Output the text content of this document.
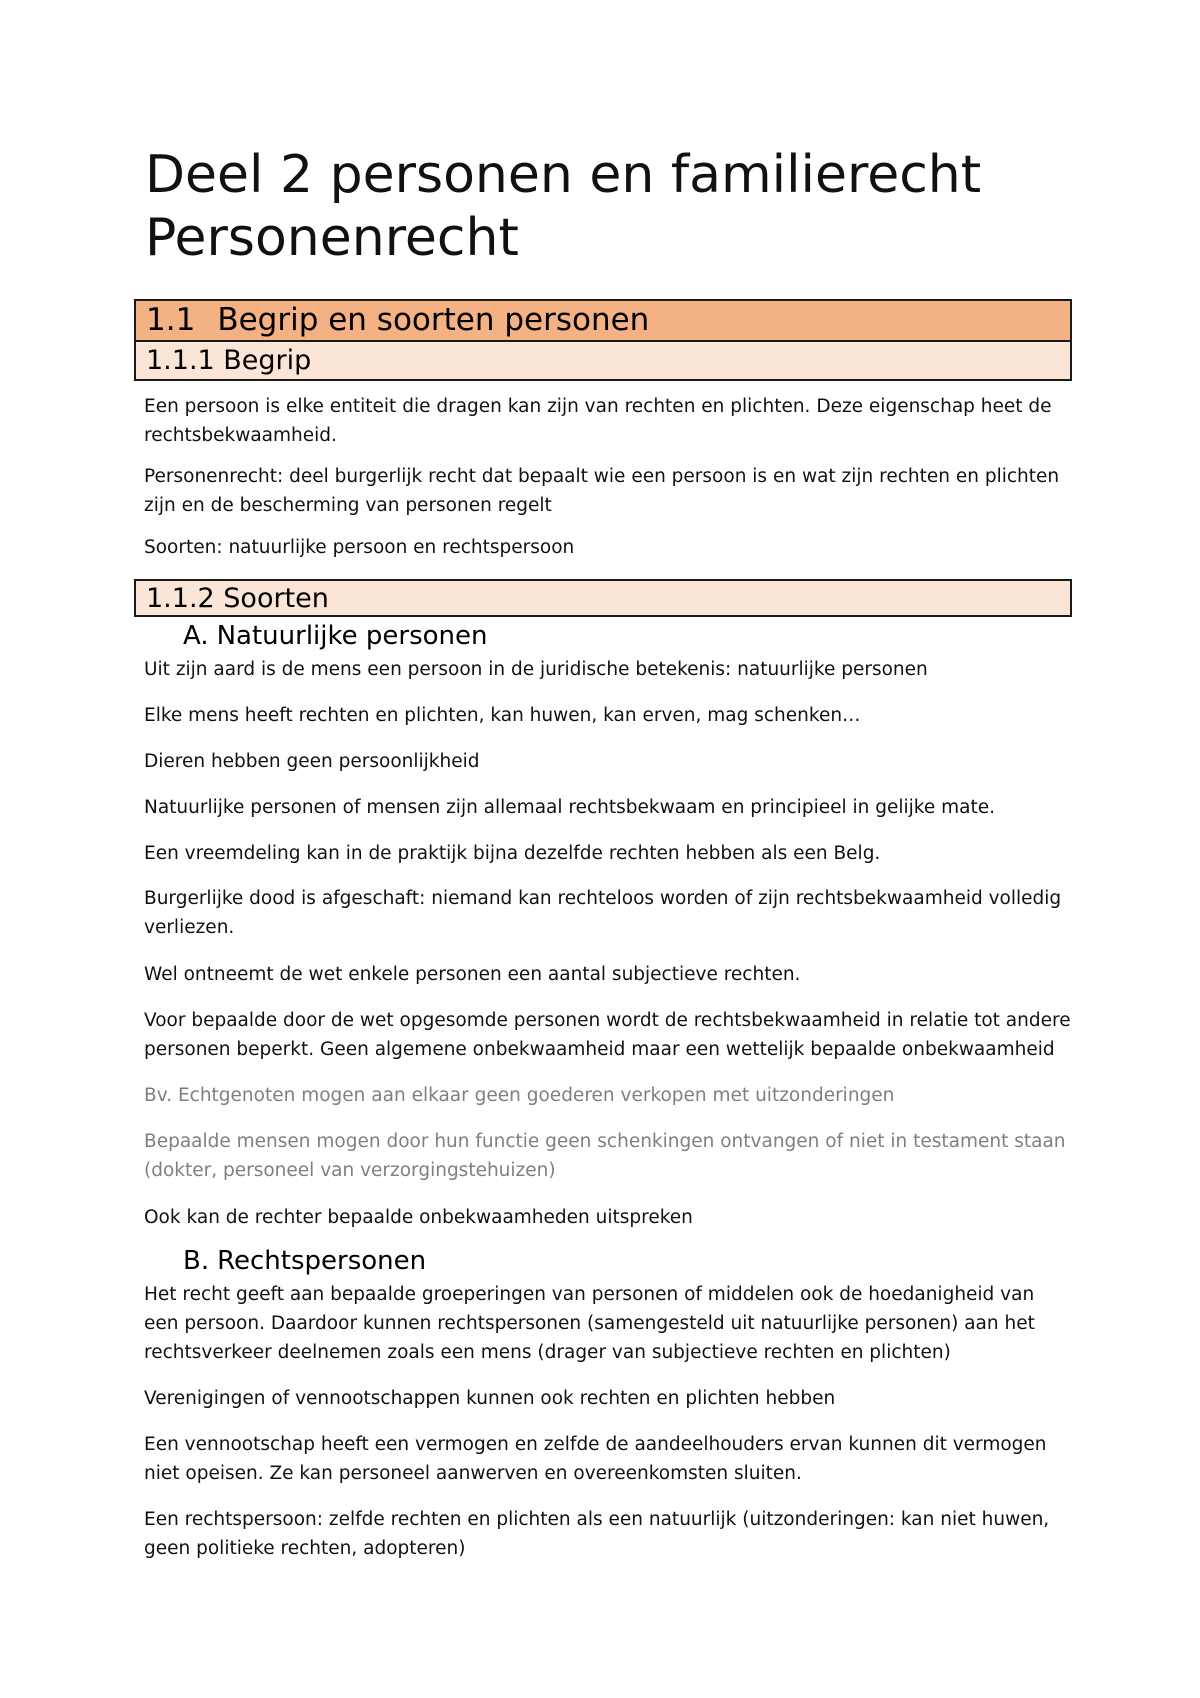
Deel 2 personen en familierecht
Personenrecht
1.1 Begrip en soorten personen
1.1.1 Begrip

Een persoon is elke entiteit die dragen kan zijn van rechten en plichten. Deze eigenschap heet de rechtsbekwaamheid.

Personenrecht: deel burgerlijk recht dat bepaalt wie een persoon is en wat zijn rechten en plichten zijn en de bescherming van personen regelt

Soorten: natuurlijke persoon en rechtspersoon

1.1.2 Soorten
A. Natuurlijke personen

Uit zijn aard is de mens een persoon in de juridische betekenis: natuurlijke personen

Elke mens heeft rechten en plichten, kan huwen, kan erven, mag schenken…

Dieren hebben geen persoonlijkheid

Natuurlijke personen of mensen zijn allemaal rechtsbekwaam en principieel in gelijke mate.

Een vreemdeling kan in de praktijk bijna dezelfde rechten hebben als een Belg.

Burgerlijke dood is afgeschaft: niemand kan rechteloos worden of zijn rechtsbekwaamheid volledig verliezen.

Wel ontneemt de wet enkele personen een aantal subjectieve rechten.

Voor bepaalde door de wet opgesomde personen wordt de rechtsbekwaamheid in relatie tot andere personen beperkt. Geen algemene onbekwaamheid maar een wettelijk bepaalde onbekwaamheid

Bv. Echtgenoten mogen aan elkaar geen goederen verkopen met uitzonderingen

Bepaalde mensen mogen door hun functie geen schenkingen ontvangen of niet in testament staan (dokter, personeel van verzorgingstehuizen)

Ook kan de rechter bepaalde onbekwaamheden uitspreken

B. Rechtspersonen

Het recht geeft aan bepaalde groeperingen van personen of middelen ook de hoedanigheid van een persoon. Daardoor kunnen rechtspersonen (samengesteld uit natuurlijke personen) aan het rechtsverkeer deelnemen zoals een mens (drager van subjectieve rechten en plichten)

Verenigingen of vennootschappen kunnen ook rechten en plichten hebben

Een vennootschap heeft een vermogen en zelfde de aandeelhouders ervan kunnen dit vermogen niet opeisen. Ze kan personeel aanwerven en overeenkomsten sluiten.

Een rechtspersoon: zelfde rechten en plichten als een natuurlijk (uitzonderingen: kan niet huwen, geen politieke rechten, adopteren)
